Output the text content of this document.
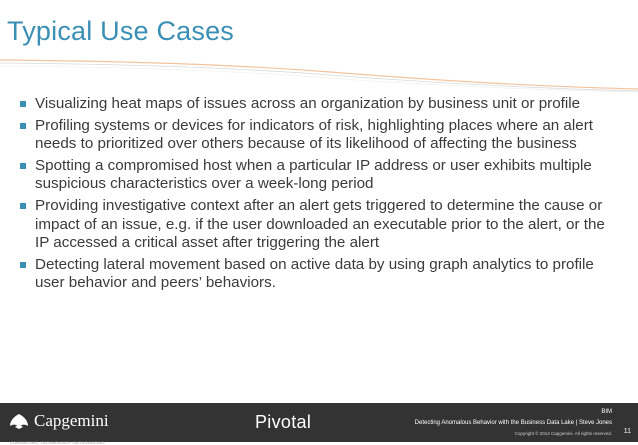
Typical Use Cases
Visualizing heat maps of issues across an organization by business unit or profile
Profiling systems or devices for indicators of risk, highlighting places where an alert needs to prioritized over others because of its likelihood of affecting the business
Spotting a compromised host when a particular IP address or user exhibits multiple suspicious characteristics over a week-long period
Providing investigative context after an alert gets triggered to determine the cause or impact of an issue, e.g. if the user downloaded an executable prior to the alert, or the IP accessed a critical asset after triggering the alert
Detecting lateral movement based on active data by using graph analytics to profile user behavior and peers’ behaviors.
Capgemini
CONSULTING. TECHNOLOGY. OUTSOURCING
Pivotal	BIM
Detecting Anomalous Behavior with the Business Data Lake | Steve Jones
Copyright © 2014 Capgemini. All rights reserved. 11
